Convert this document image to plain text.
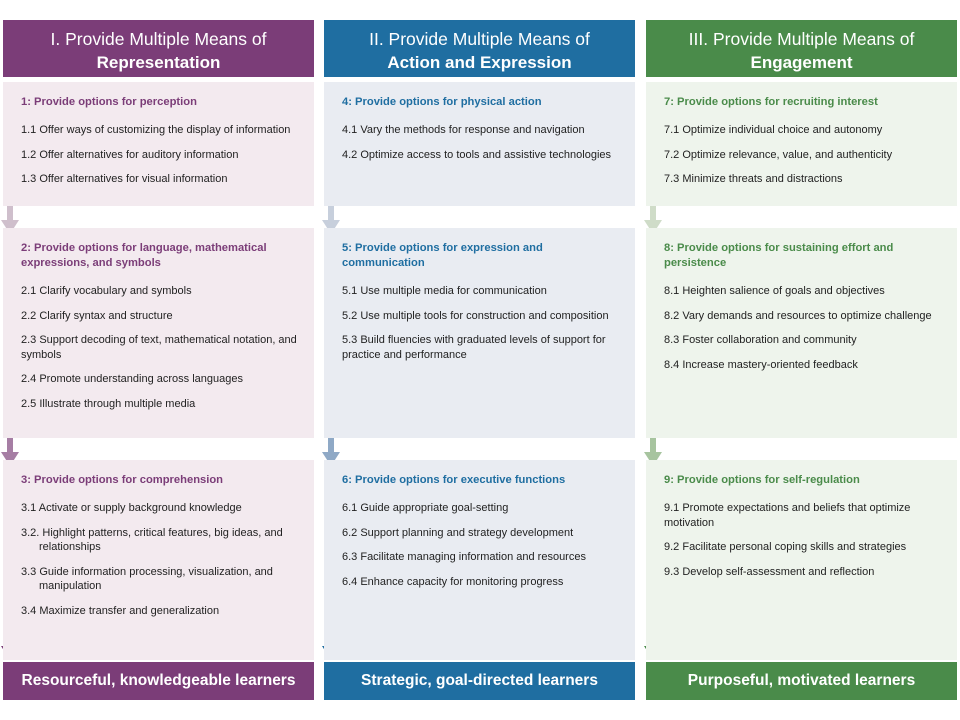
I. Provide Multiple Means of
Representation
1: Provide options for perception
1.1 Offer ways of customizing the display of information
1.2 Offer alternatives for auditory information
1.3 Offer alternatives for visual information
2: Provide options for language, mathematical expressions, and symbols
2.1 Clarify vocabulary and symbols
2.2 Clarify syntax and structure
2.3 Support decoding of text, mathematical notation, and symbols
2.4 Promote understanding across languages
2.5 Illustrate through multiple media
3: Provide options for comprehension
3.1 Activate or supply background knowledge
3.2. Highlight patterns, critical features, big ideas, and relationships
3.3 Guide information processing, visualization, and manipulation
3.4 Maximize transfer and generalization
Resourceful, knowledgeable learners
II. Provide Multiple Means of
Action and Expression
4: Provide options for physical action
4.1 Vary the methods for response and navigation
4.2 Optimize access to tools and assistive technologies
5: Provide options for expression and communication
5.1 Use multiple media for communication
5.2 Use multiple tools for construction and composition
5.3 Build fluencies with graduated levels of support for practice and performance
6: Provide options for executive functions
6.1 Guide appropriate goal-setting
6.2 Support planning and strategy development
6.3 Facilitate managing information and resources
6.4 Enhance capacity for monitoring progress
Strategic, goal-directed learners
III. Provide Multiple Means of
Engagement
7: Provide options for recruiting interest
7.1 Optimize individual choice and autonomy
7.2 Optimize relevance, value, and authenticity
7.3 Minimize threats and distractions
8: Provide options for sustaining effort and persistence
8.1 Heighten salience of goals and objectives
8.2 Vary demands and resources to optimize challenge
8.3 Foster collaboration and community
8.4 Increase mastery-oriented feedback
9: Provide options for self-regulation
9.1 Promote expectations and beliefs that optimize motivation
9.2 Facilitate personal coping skills and strategies
9.3 Develop self-assessment and reflection
Purposeful, motivated learners
